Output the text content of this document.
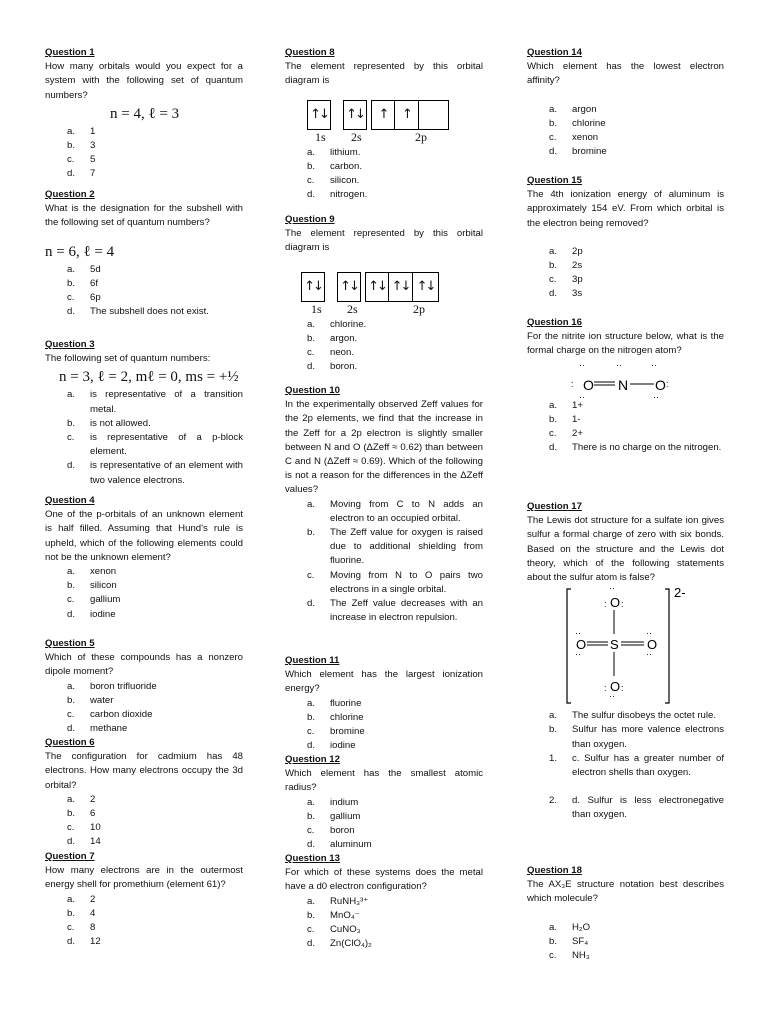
Question 1
How many orbitals would you expect for a system with the following set of quantum numbers?
n = 4, ℓ = 3
a. 1
b. 3
c. 5
d. 7
Question 2
What is the designation for the subshell with the following set of quantum numbers?
n = 6, ℓ = 4
a. 5d
b. 6f
c. 6p
d. The subshell does not exist.
Question 3
The following set of quantum numbers:
n = 3, ℓ = 2, mℓ = 0, ms = +½
a. is representative of a transition metal.
b. is not allowed.
c. is representative of a p-block element.
d. is representative of an element with two valence electrons.
Question 4
One of the p-orbitals of an unknown element is half filled. Assuming that Hund's rule is upheld, which of the following elements could not be the unknown element?
a. xenon
b. silicon
c. gallium
d. iodine
Question 5
Which of these compounds has a nonzero dipole moment?
a. boron trifluoride
b. water
c. carbon dioxide
d. methane
Question 6
The configuration for cadmium has 48 electrons. How many electrons occupy the 3d orbital?
a. 2
b. 6
c. 10
d. 14
Question 7
How many electrons are in the outermost energy shell for promethium (element 61)?
a. 2
b. 4
c. 8
d. 12
Question 8
The element represented by this orbital diagram is
↑↓ ↑↓	↑	↑
1s 2s	2p
a. lithium.
b. carbon.
c. silicon.
d. nitrogen.
Question 9
The element represented by this orbital diagram is
↑↓ ↑↓ ↑↓ ↑↓ ↑↓
1s 2s	2p
a. chlorine.
b. argon.
c. neon.
d. boron.
Question 10
In the experimentally observed Zeff values for the 2p elements, we find that the increase in the Zeff for a 2p electron is slightly smaller between N and O (ΔZeff ≈ 0.62) than between C and N (ΔZeff ≈ 0.69). Which of the following is not a reason for the differences in the ΔZeff values?
a. Moving from C to N adds an electron to an occupied orbital.
b. The Zeff value for oxygen is raised due to additional shielding from fluorine.
c. Moving from N to O pairs two electrons in a single orbital.
d. The Zeff value decreases with an increase in electron repulsion.
Question 11
Which element has the largest ionization energy?
a. fluorine
b. chlorine
c. bromine
d. iodine
Question 12
Which element has the smallest atomic radius?
a. indium
b. gallium
c. boron
d. aluminum
Question 13
For which of these systems does the metal have a d0 electron configuration?
a. RuNH₃³⁺
b. MnO₄⁻
c. CuNO₃
d. Zn(ClO₄)₂
Question 14
Which element has the lowest electron affinity?
a. argon
b. chlorine
c. xenon
d. bromine
Question 15
The 4th ionization energy of aluminum is approximately 154 eV. From which orbital is the electron being removed?
a. 2p
b. 2s
c. 3p
d. 3s
Question 16
For the nitrite ion structure below, what is the formal charge on the nitrogen atom?
··
O
:
··
··
N
··
O :
··
a. 1+
b. 1-
c. 2+
d. There is no charge on the nitrogen.
Question 17
The Lewis dot structure for a sulfate ion gives sulfur a formal charge of zero with six bonds. Based on the structure and the Lewis dot theory, which of the following statements about the sulfur atom is false?
2-
··
: O :
··
O
··
S
··
O
··
: O :
··
a. The sulfur disobeys the octet rule.
b. Sulfur has more valence electrons than oxygen.
1. c. Sulfur has a greater number of electron shells than oxygen.
2. d. Sulfur is less electronegative than oxygen.
Question 18
The AX₃E structure notation best describes which molecule?
a. H₂O
b. SF₄
c. NH₃
